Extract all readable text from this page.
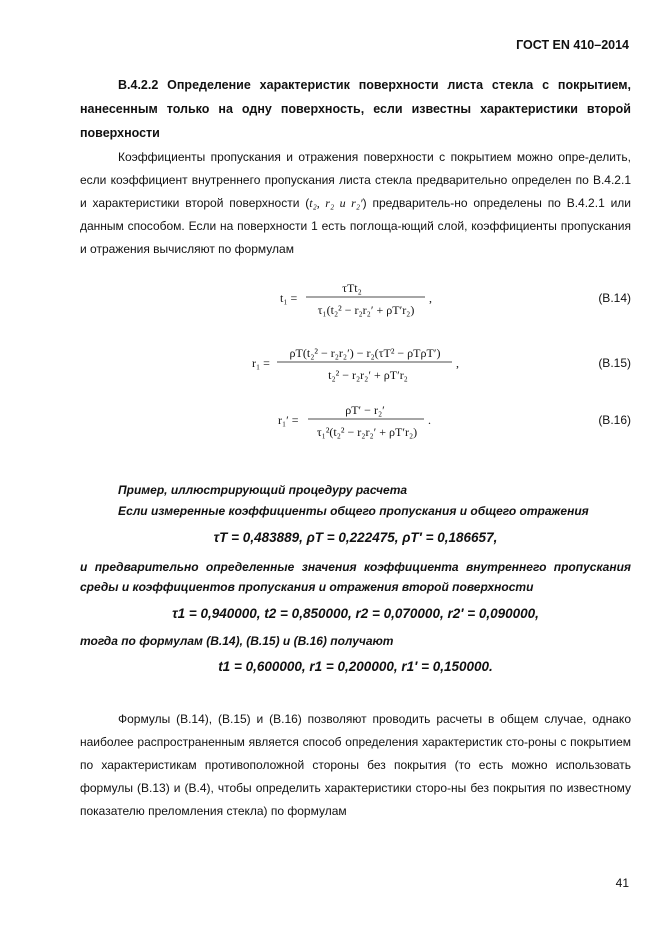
ГОСТ EN 410–2014

В.4.2.2 Определение характеристик поверхности листа стекла с покрытием, нанесенным только на одну поверхность, если известны характеристики второй поверхности

Коэффициенты пропускания и отражения поверхности с покрытием можно опре-делить, если коэффициент внутреннего пропускания листа стекла предварительно определен по В.4.2.1 и характеристики второй поверхности (t₂, r₂ и r₂′) предваритель-но определены по В.4.2.1 или данным способом. Если на поверхности 1 есть поглоща-ющий слой, коэффициенты пропускания и отражения вычисляют по формулам

t₁ =
τTt₂
τ₁(t₂² − r₂r₂′ + ρT′r₂)
,	(В.14)
r₁ =
ρT(t₂² − r₂r₂′) − r₂(τT² − ρTρT′)
t₂² − r₂r₂′ + ρT′r₂
,	(В.15)
r₁′ =
ρT′ − r₂′
τ₁²(t₂² − r₂r₂′ + ρT′r₂)
.	(В.16)
Пример, иллюстрирующий процедуру расчета
Если измеренные коэффициенты общего пропускания и общего отражения
τT = 0,483889, ρT = 0,222475, ρT′ = 0,186657,
и предварительно определенные значения коэффициента внутреннего пропускания среды и коэффициентов пропускания и отражения второй поверхности
τ1 = 0,940000, t2 = 0,850000, r2 = 0,070000, r2′ = 0,090000,
тогда по формулам (В.14), (В.15) и (В.16) получают
t1 = 0,600000, r1 = 0,200000, r1′ = 0,150000.

Формулы (В.14), (В.15) и (В.16) позволяют проводить расчеты в общем случае, однако наиболее распространенным является способ определения характеристик сто-роны с покрытием по характеристикам противоположной стороны без покрытия (то есть можно использовать формулы (В.13) и (В.4), чтобы определить характеристики сторо-ны без покрытия по известному показателю преломления стекла) по формулам

41
